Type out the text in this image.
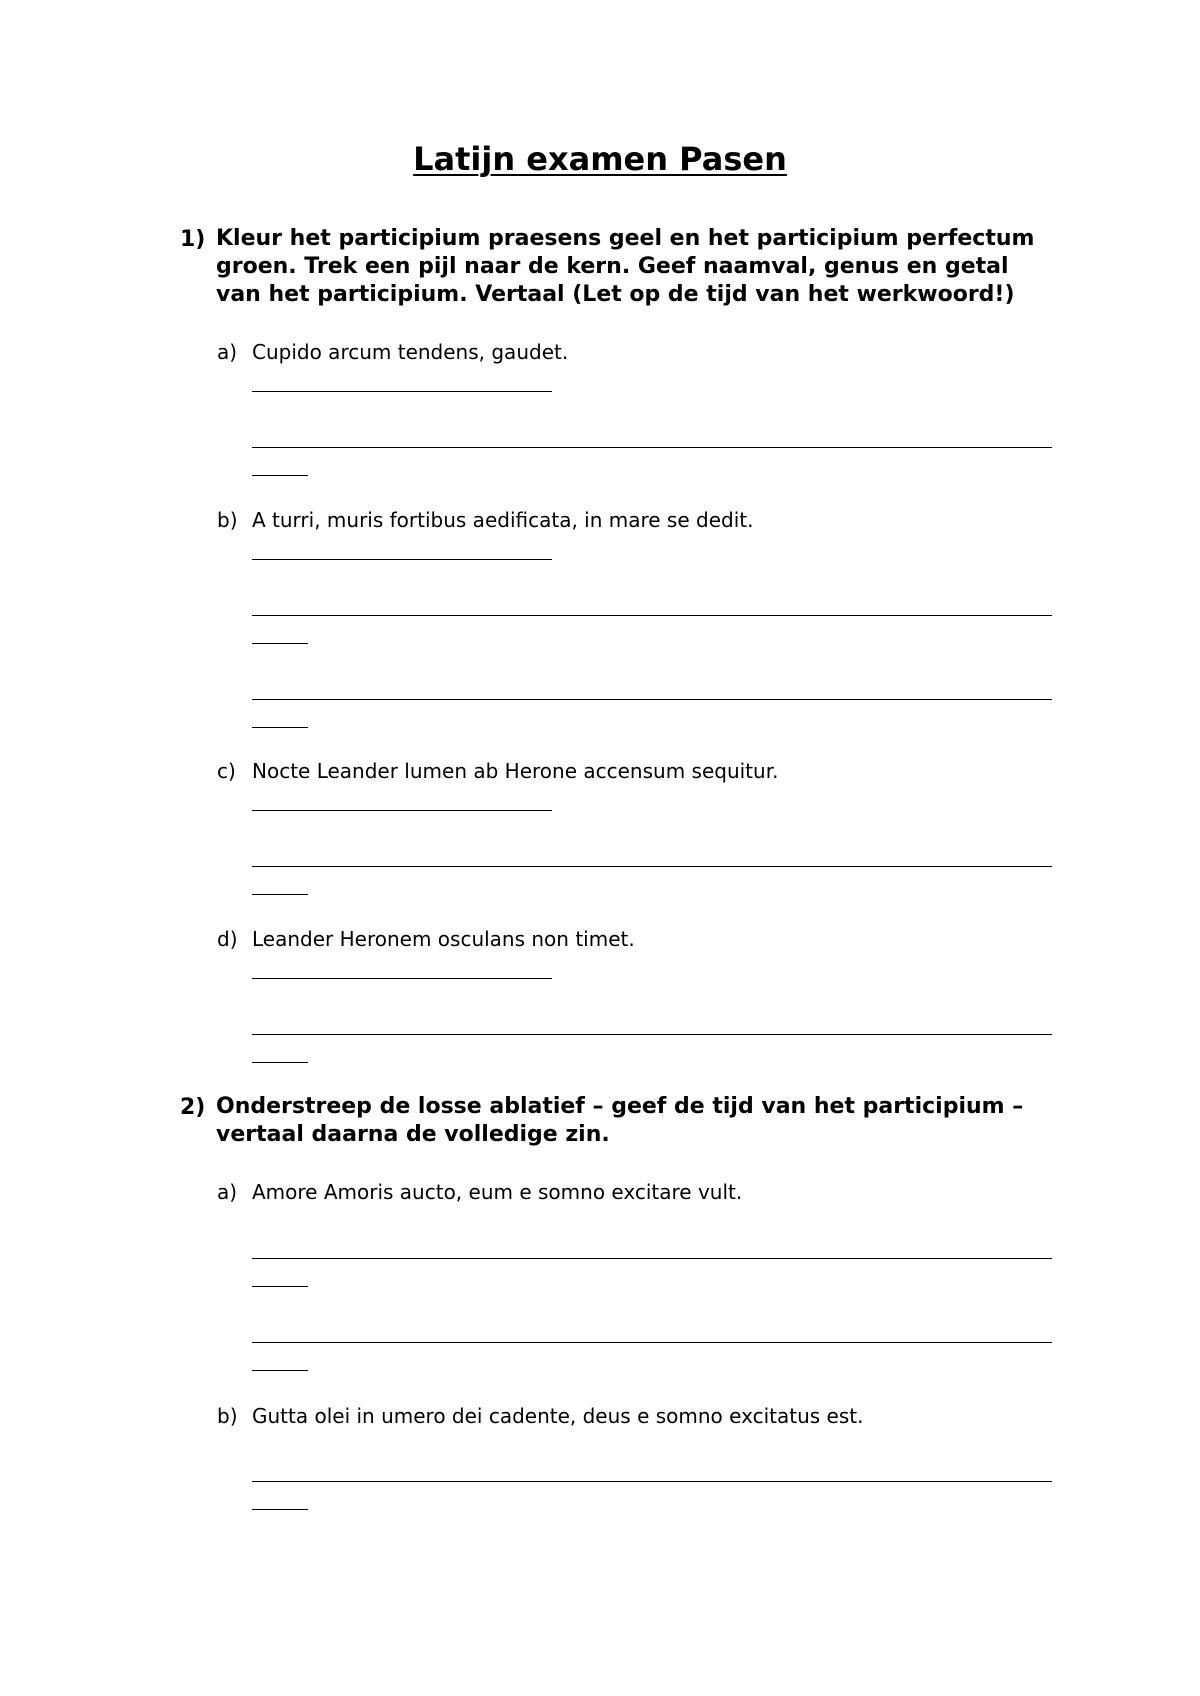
Latijn examen Pasen
1) Kleur het participium praesens geel en het participium perfectum
groen. Trek een pijl naar de kern. Geef naamval, genus en getal
van het participium. Vertaal (Let op de tijd van het werkwoord!)
a) Cupido arcum tendens, gaudet.
b) A turri, muris fortibus aedificata, in mare se dedit.
c) Nocte Leander lumen ab Herone accensum sequitur.
d) Leander Heronem osculans non timet.
2) Onderstreep de losse ablatief – geef de tijd van het participium –
vertaal daarna de volledige zin.
a) Amore Amoris aucto, eum e somno excitare vult.
b) Gutta olei in umero dei cadente, deus e somno excitatus est.
